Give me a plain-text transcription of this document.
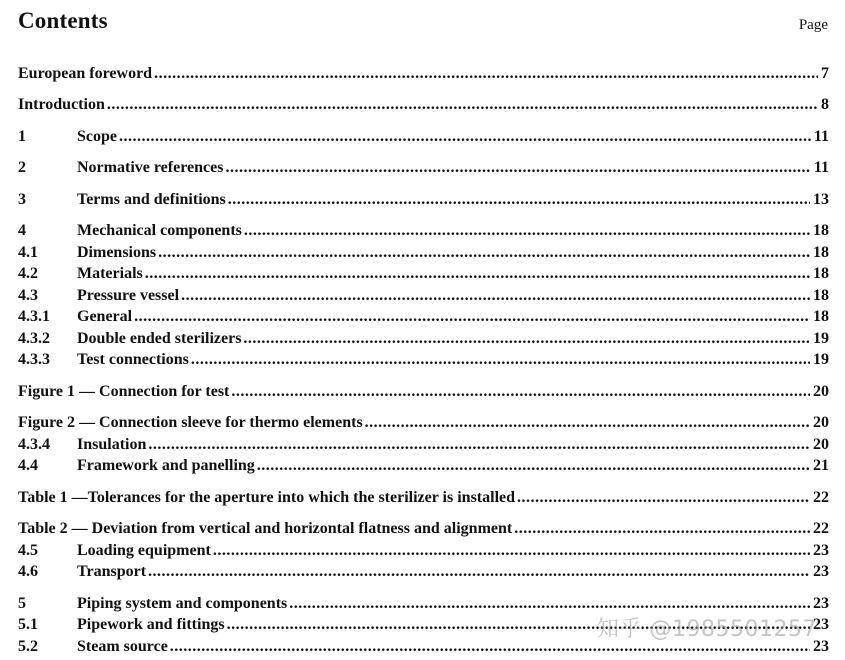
Contents	Page
European foreword .....	7
Introduction .....	8
1	Scope .....	11
2	Normative references .....	11
3	Terms and definitions .....	13
4	Mechanical components .....	18
4.1	Dimensions .....	18
4.2	Materials .....	18
4.3	Pressure vessel .....	18
4.3.1	General .....	18
4.3.2	Double ended sterilizers .....	19
4.3.3	Test connections .....	19
Figure 1 — Connection for test .....	20
Figure 2 — Connection sleeve for thermo elements .....	20
4.3.4	Insulation .....	20
4.4	Framework and panelling .....	21
Table 1 —Tolerances for the aperture into which the sterilizer is installed .....	22
Table 2 — Deviation from vertical and horizontal flatness and alignment .....	22
4.5	Loading equipment .....	23
4.6	Transport .....	23
5	Piping system and components .....	23
5.1	Pipework and fittings .....	23
5.2	Steam source .....	23
知乎 @1985501257
